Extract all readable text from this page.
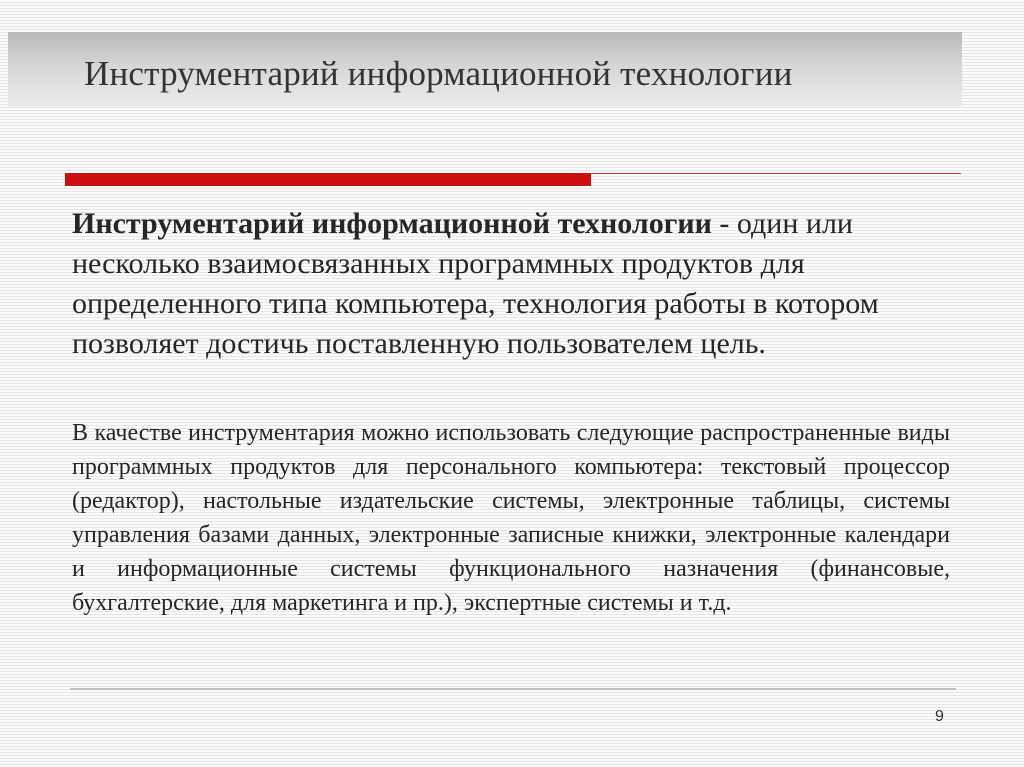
Инструментарий информационной технологии
Инструментарий информационной технологии - один или несколько взаимосвязанных программных продуктов для определенного типа компьютера, технология работы в котором позволяет достичь поставленную пользователем цель.
В качестве инструментария можно использовать следующие распространенные виды программных продуктов для персонального компьютера: текстовый процессор (редактор), настольные издательские системы, электронные таблицы, системы управления базами данных, электронные записные книжки, электронные календари и информационные системы функционального назначения (финансовые, бухгалтерские, для маркетинга и пр.), экспертные системы и т.д.
9
